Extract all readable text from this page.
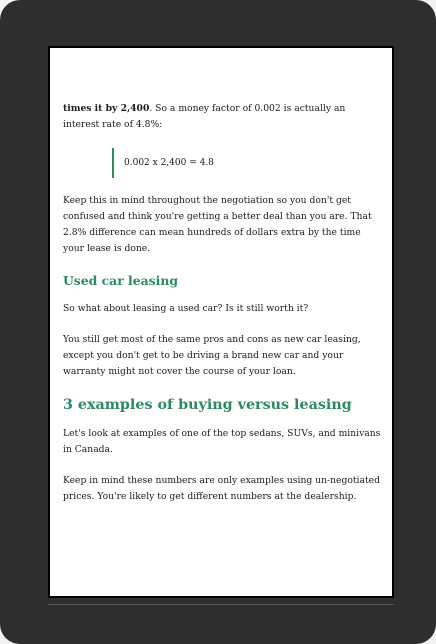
times it by 2,400. So a money factor of 0.002 is actually an interest rate of 4.8%:

0.002 x 2,400 = 4.8

Keep this in mind throughout the negotiation so you don't get confused and think you're getting a better deal than you are. That 2.8% difference can mean hundreds of dollars extra by the time your lease is done.

Used car leasing

So what about leasing a used car? Is it still worth it?

You still get most of the same pros and cons as new car leasing, except you don't get to be driving a brand new car and your warranty might not cover the course of your loan.

3 examples of buying versus leasing

Let's look at examples of one of the top sedans, SUVs, and minivans in Canada.

Keep in mind these numbers are only examples using un-negotiated prices. You're likely to get different numbers at the dealership.
